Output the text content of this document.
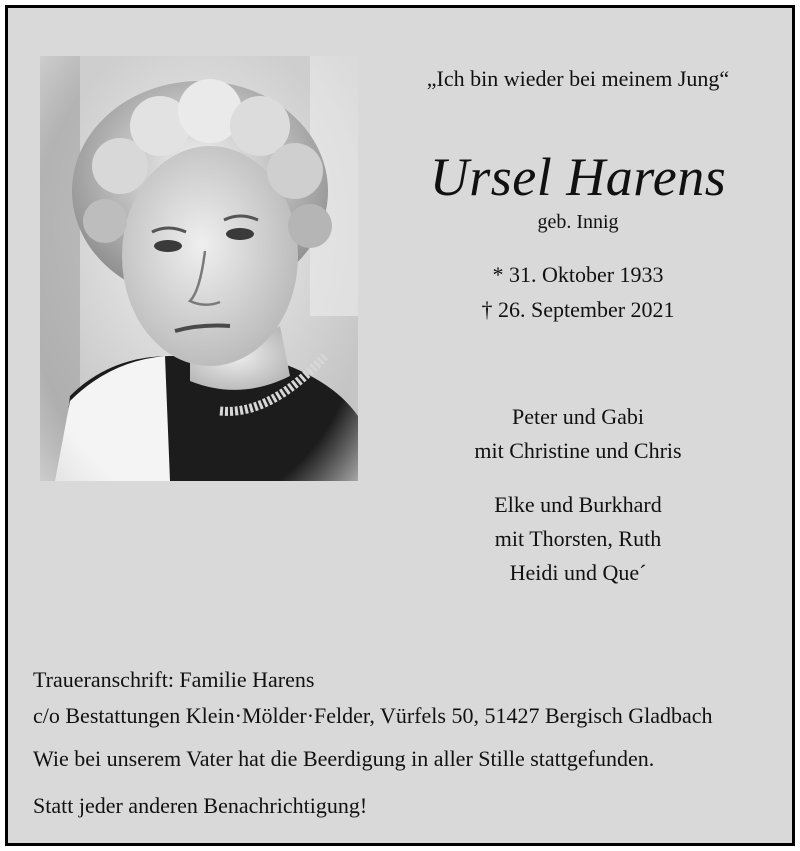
„Ich bin wieder bei meinem Jung“
Ursel Harens
geb. Innig
* 31. Oktober 1933
† 26. September 2021
Peter und Gabi
mit Christine und Chris
Elke und Burkhard
mit Thorsten, Ruth
Heidi und Que´
Traueranschrift: Familie Harens
c/o Bestattungen Klein·Mölder·Felder, Vürfels 50, 51427 Bergisch Gladbach
Wie bei unserem Vater hat die Beerdigung in aller Stille stattgefunden.
Statt jeder anderen Benachrichtigung!
